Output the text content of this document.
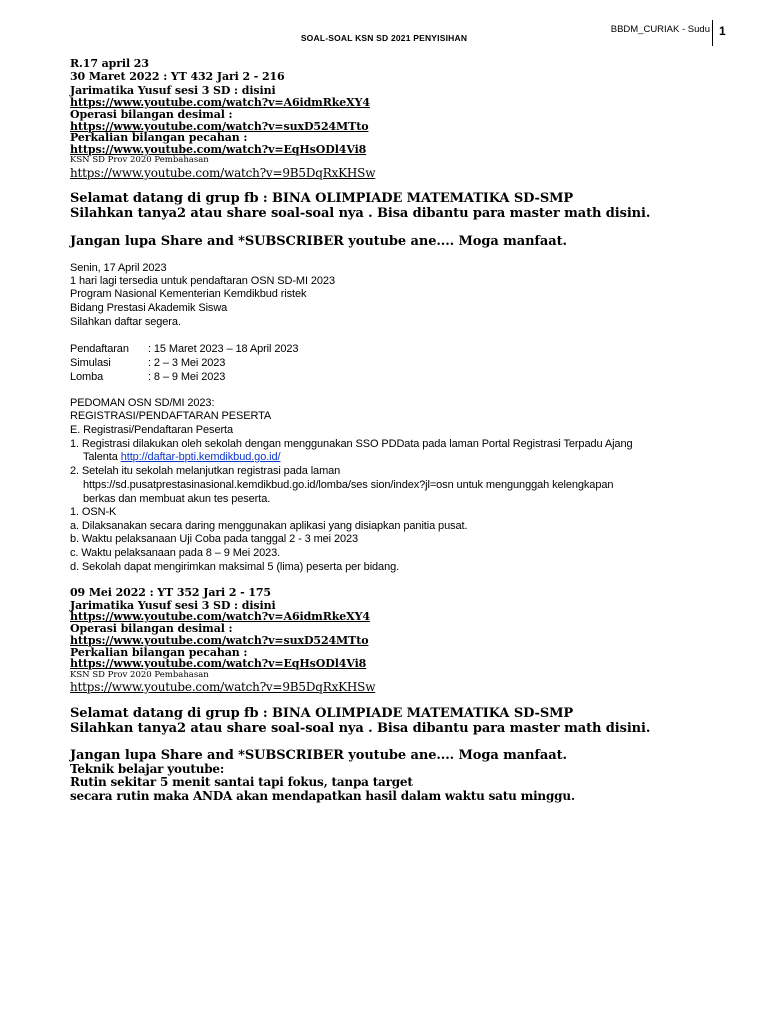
BBDM_CURIAK - Sudu 1
SOAL-SOAL KSN SD 2021 PENYISIHAN
R.17 april 23
30 Maret 2022 : YT 432 Jari 2 - 216
Jarimatika Yusuf sesi 3 SD : disini
https://www.youtube.com/watch?v=A6idmRkeXY4
Operasi bilangan desimal :
https://www.youtube.com/watch?v=suxD524MTto
Perkalian bilangan pecahan :
https://www.youtube.com/watch?v=EqHsODl4Vi8
KSN SD Prov 2020 Pembahasan
https://www.youtube.com/watch?v=9B5DqRxKHSw
Selamat datang di grup fb : BINA OLIMPIADE MATEMATIKA SD-SMP
Silahkan tanya2 atau share soal-soal nya . Bisa dibantu para master math disini.
Jangan lupa Share and *SUBSCRIBER youtube ane.... Moga manfaat.
Senin, 17 April 2023
1 hari lagi tersedia untuk pendaftaran OSN SD-MI 2023
Program Nasional Kementerian Kemdikbud ristek
Bidang Prestasi Akademik Siswa
Silahkan daftar segera.
Pendaftaran : 15 Maret 2023 – 18 April 2023
Simulasi	: 2 – 3 Mei 2023
Lomba	: 8 – 9 Mei 2023
PEDOMAN OSN SD/MI 2023:
REGISTRASI/PENDAFTARAN PESERTA
E. Registrasi/Pendaftaran Peserta
1. Registrasi dilakukan oleh sekolah dengan menggunakan SSO PDData pada laman Portal Registrasi Terpadu Ajang
Talenta http://daftar-bpti.kemdikbud.go.id/
2. Setelah itu sekolah melanjutkan registrasi pada laman
https://sd.pusatprestasinasional.kemdikbud.go.id/lomba/ses sion/index?jl=osn untuk mengunggah kelengkapan
berkas dan membuat akun tes peserta.
1. OSN-K
a. Dilaksanakan secara daring menggunakan aplikasi yang disiapkan panitia pusat.
b. Waktu pelaksanaan Uji Coba pada tanggal 2 - 3 mei 2023
c. Waktu pelaksanaan pada 8 – 9 Mei 2023.
d. Sekolah dapat mengirimkan maksimal 5 (lima) peserta per bidang.
09 Mei 2022 : YT 352 Jari 2 - 175
Jarimatika Yusuf sesi 3 SD : disini
https://www.youtube.com/watch?v=A6idmRkeXY4
Operasi bilangan desimal :
https://www.youtube.com/watch?v=suxD524MTto
Perkalian bilangan pecahan :
https://www.youtube.com/watch?v=EqHsODl4Vi8
KSN SD Prov 2020 Pembahasan
https://www.youtube.com/watch?v=9B5DqRxKHSw
Selamat datang di grup fb : BINA OLIMPIADE MATEMATIKA SD-SMP
Silahkan tanya2 atau share soal-soal nya . Bisa dibantu para master math disini.
Jangan lupa Share and *SUBSCRIBER youtube ane.... Moga manfaat.
Teknik belajar youtube:
Rutin sekitar 5 menit santai tapi fokus, tanpa target
secara rutin maka ANDA akan mendapatkan hasil dalam waktu satu minggu.
